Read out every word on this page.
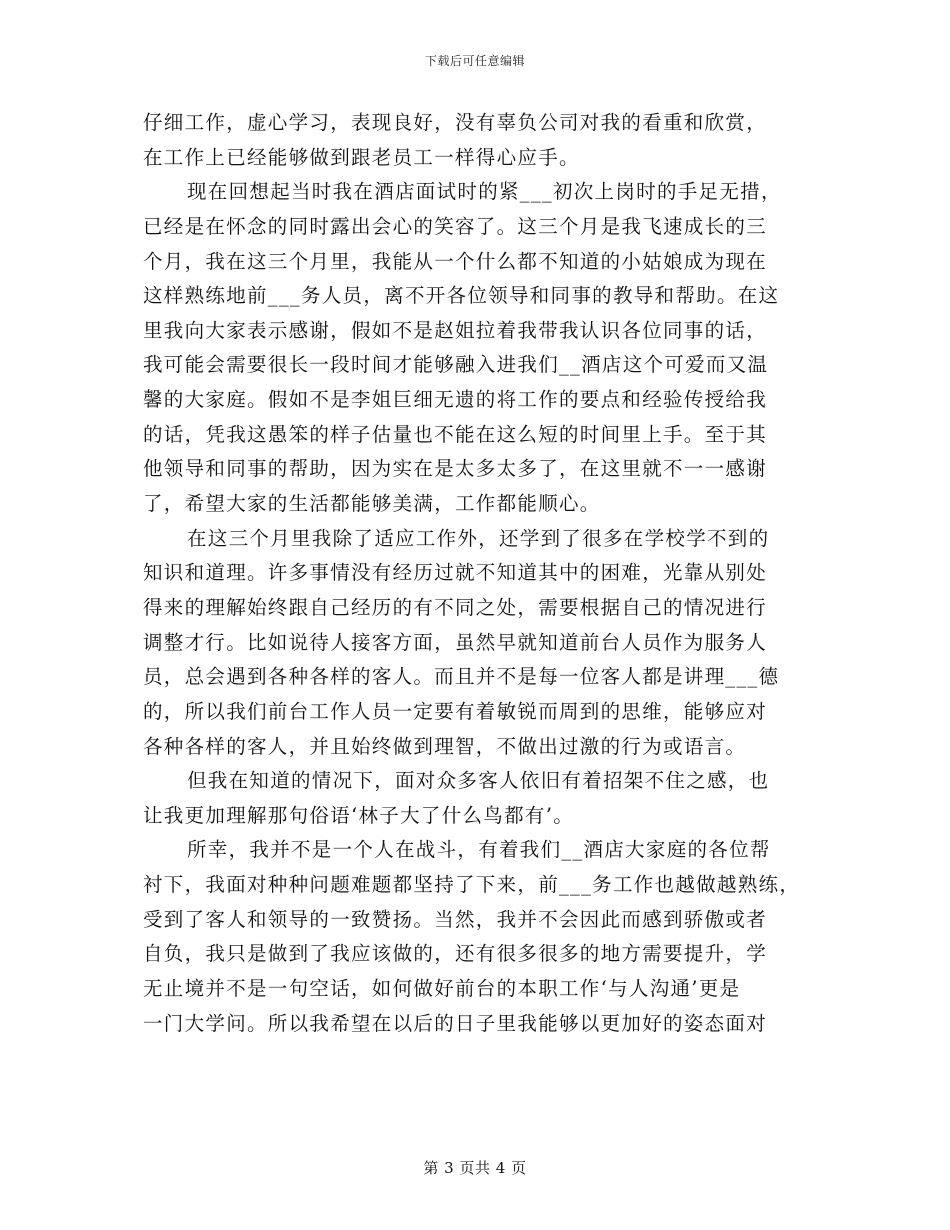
下载后可任意编辑
仔细工作，虚心学习，表现良好，没有辜负公司对我的看重和欣赏，
在工作上已经能够做到跟老员工一样得心应手。
现在回想起当时我在酒店面试时的紧___初次上岗时的手足无措，
已经是在怀念的同时露出会心的笑容了。这三个月是我飞速成长的三
个月，我在这三个月里，我能从一个什么都不知道的小姑娘成为现在
这样熟练地前___务人员，离不开各位领导和同事的教导和帮助。在这
里我向大家表示感谢，假如不是赵姐拉着我带我认识各位同事的话，
我可能会需要很长一段时间才能够融入进我们__酒店这个可爱而又温
馨的大家庭。假如不是李姐巨细无遗的将工作的要点和经验传授给我
的话，凭我这愚笨的样子估量也不能在这么短的时间里上手。至于其
他领导和同事的帮助，因为实在是太多太多了，在这里就不一一感谢
了，希望大家的生活都能够美满，工作都能顺心。
在这三个月里我除了适应工作外，还学到了很多在学校学不到的
知识和道理。许多事情没有经历过就不知道其中的困难，光靠从别处
得来的理解始终跟自己经历的有不同之处，需要根据自己的情况进行
调整才行。比如说待人接客方面，虽然早就知道前台人员作为服务人
员，总会遇到各种各样的客人。而且并不是每一位客人都是讲理___德
的，所以我们前台工作人员一定要有着敏锐而周到的思维，能够应对
各种各样的客人，并且始终做到理智，不做出过激的行为或语言。
但我在知道的情况下，面对众多客人依旧有着招架不住之感，也
让我更加理解那句俗语‘林子大了什么鸟都有’。
所幸，我并不是一个人在战斗，有着我们__酒店大家庭的各位帮
衬下，我面对种种问题难题都坚持了下来，前___务工作也越做越熟练，
受到了客人和领导的一致赞扬。当然，我并不会因此而感到骄傲或者
自负，我只是做到了我应该做的，还有很多很多的地方需要提升，学
无止境并不是一句空话，如何做好前台的本职工作‘与人沟通’更是
一门大学问。所以我希望在以后的日子里我能够以更加好的姿态面对
第 3 页共 4 页
